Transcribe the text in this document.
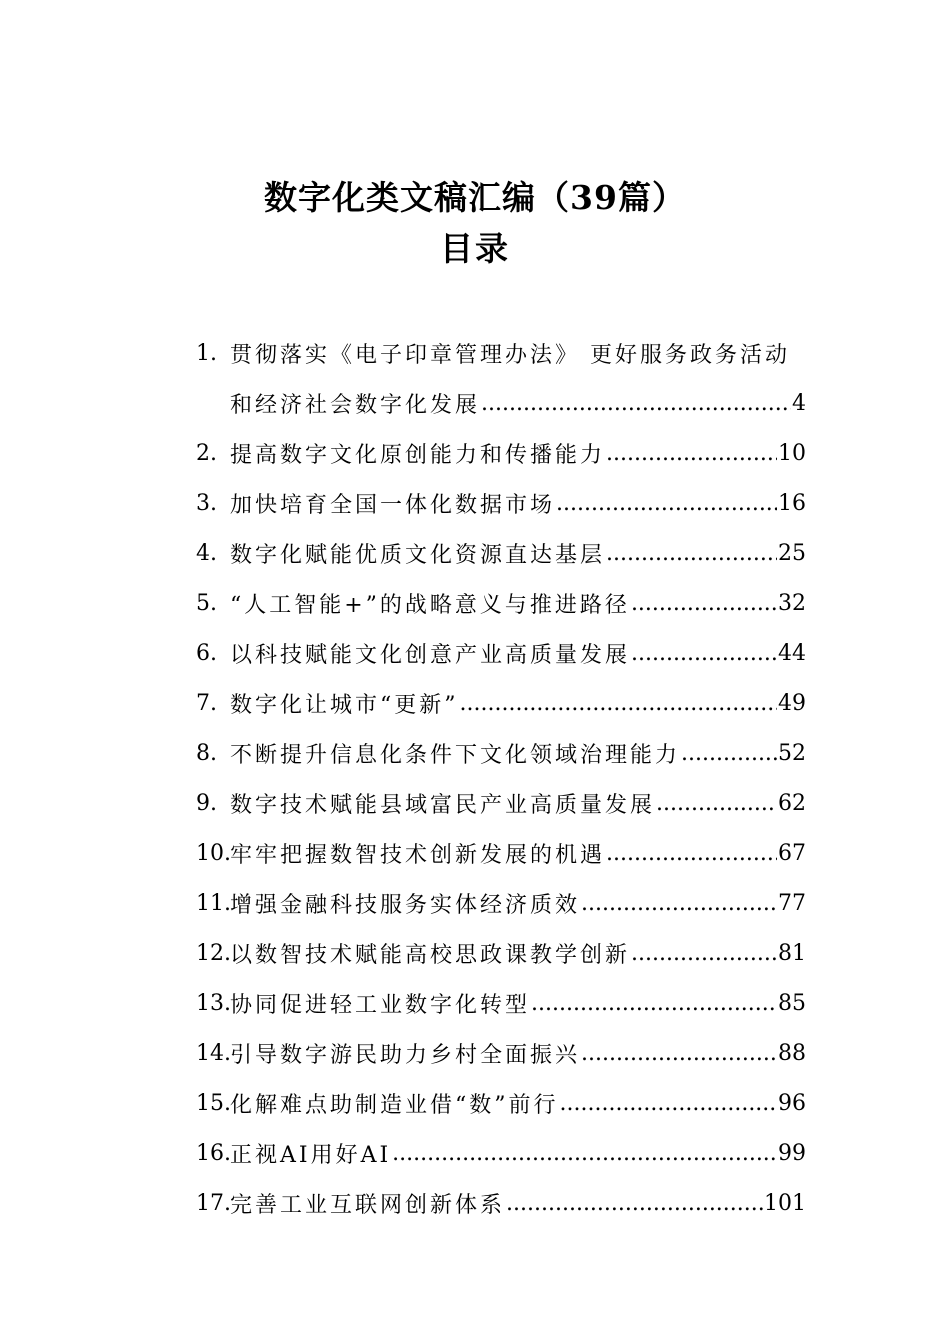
数字化类文稿汇编（39篇）
目录
1. 贯彻落实《电子印章管理办法》 更好服务政务活动
和经济社会数字化发展 .....	4
2. 提高数字文化原创能力和传播能力 .....	10
3. 加快培育全国一体化数据市场 .....	16
4. 数字化赋能优质文化资源直达基层 .....	25
5. “人工智能+”的战略意义与推进路径 .....	32
6. 以科技赋能文化创意产业高质量发展 .....	44
7. 数字化让城市“更新” .....	49
8. 不断提升信息化条件下文化领域治理能力 .....	52
9. 数字技术赋能县域富民产业高质量发展 .....	62
10. 牢牢把握数智技术创新发展的机遇 .....	67
11. 增强金融科技服务实体经济质效 .....	77
12. 以数智技术赋能高校思政课教学创新 .....	81
13. 协同促进轻工业数字化转型 .....	85
14. 引导数字游民助力乡村全面振兴 .....	88
15. 化解难点助制造业借“数”前行 .....	96
16. 正视AI用好AI .....	99
17. 完善工业互联网创新体系 .....	101
